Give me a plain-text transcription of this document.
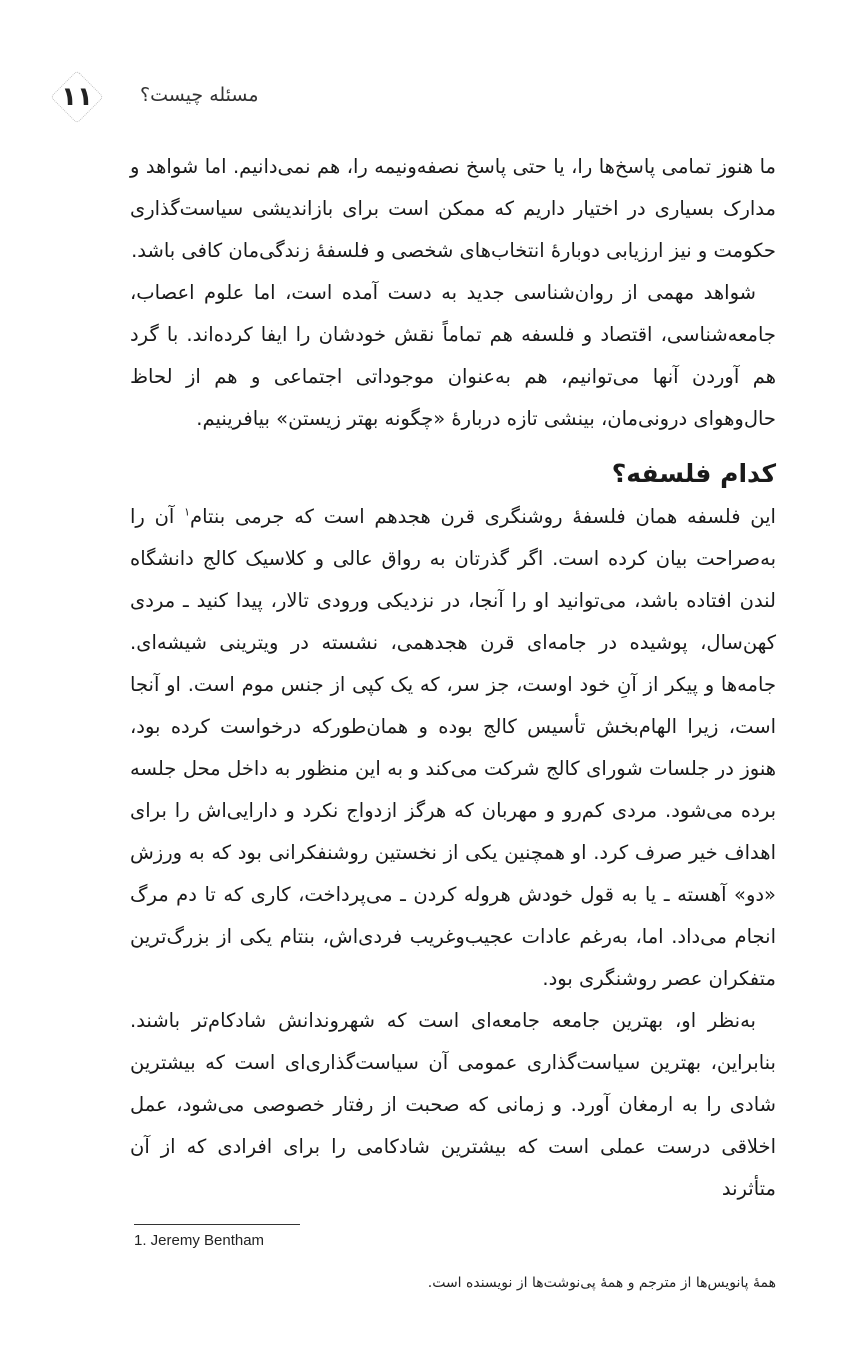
۱۱ مسئله چیست؟

ما هنوز تمامی پاسخ‌ها را، یا حتی پاسخ نصفه‌ونیمه را، هم نمی‌دانیم. اما شواهد و مدارک بسیاری در اختیار داریم که ممکن است برای بازاندیشی سیاست‌گذاری حکومت و نیز ارزیابی دوبارهٔ انتخاب‌های شخصی و فلسفهٔ زندگی‌مان کافی باشد.

شواهد مهمی از روان‌شناسی جدید به دست آمده است، اما علوم اعصاب، جامعه‌شناسی، اقتصاد و فلسفه هم تماماً نقش خودشان را ایفا کرده‌اند. با گرد هم آوردن آنها می‌توانیم، هم به‌عنوان موجوداتی اجتماعی و هم از لحاظ حال‌وهوای درونی‌مان، بینشی تازه دربارهٔ «چگونه بهتر زیستن» بیافرینیم.

کدام فلسفه؟

این فلسفه همان فلسفهٔ روشنگری قرن هجدهم است که جرمی بنتام$^۱$ آن را به‌صراحت بیان کرده است. اگر گذرتان به رواق عالی و کلاسیک کالج دانشگاه لندن افتاده باشد، می‌توانید او را آنجا، در نزدیکی ورودی تالار، پیدا کنید ـ مردی کهن‌سال، پوشیده در جامه‌ای قرن هجدهمی، نشسته در ویترینی شیشه‌ای. جامه‌ها و پیکر از آنِ خود اوست، جز سر، که یک کپی از جنس موم است. او آنجا است، زیرا الهام‌بخش تأسیس کالج بوده و همان‌طورکه درخواست کرده بود، هنوز در جلسات شورای کالج شرکت می‌کند و به این منظور به داخل محل جلسه برده می‌شود. مردی کم‌رو و مهربان که هرگز ازدواج نکرد و دارایی‌اش را برای اهداف خیر صرف کرد. او همچنین یکی از نخستین روشنفکرانی بود که به ورزش «دو» آهسته ـ یا به قول خودش هروله کردن ـ می‌پرداخت، کاری که تا دم مرگ انجام می‌داد. اما، به‌رغم عادات عجیب‌وغریب فردی‌اش، بنتام یکی از بزرگ‌ترین متفکران عصر روشنگری بود.

به‌نظر او، بهترین جامعه جامعه‌ای است که شهروندانش شادکام‌تر باشند. بنابراین، بهترین سیاست‌گذاری عمومی آن سیاست‌گذاری‌ای است که بیشترین شادی را به ارمغان آورد. و زمانی که صحبت از رفتار خصوصی می‌شود، عمل اخلاقی درست عملی است که بیشترین شادکامی را برای افرادی که از آن متأثرند

1. Jeremy Bentham
همهٔ پانویس‌ها از مترجم و همهٔ پی‌نوشت‌ها از نویسنده است.
